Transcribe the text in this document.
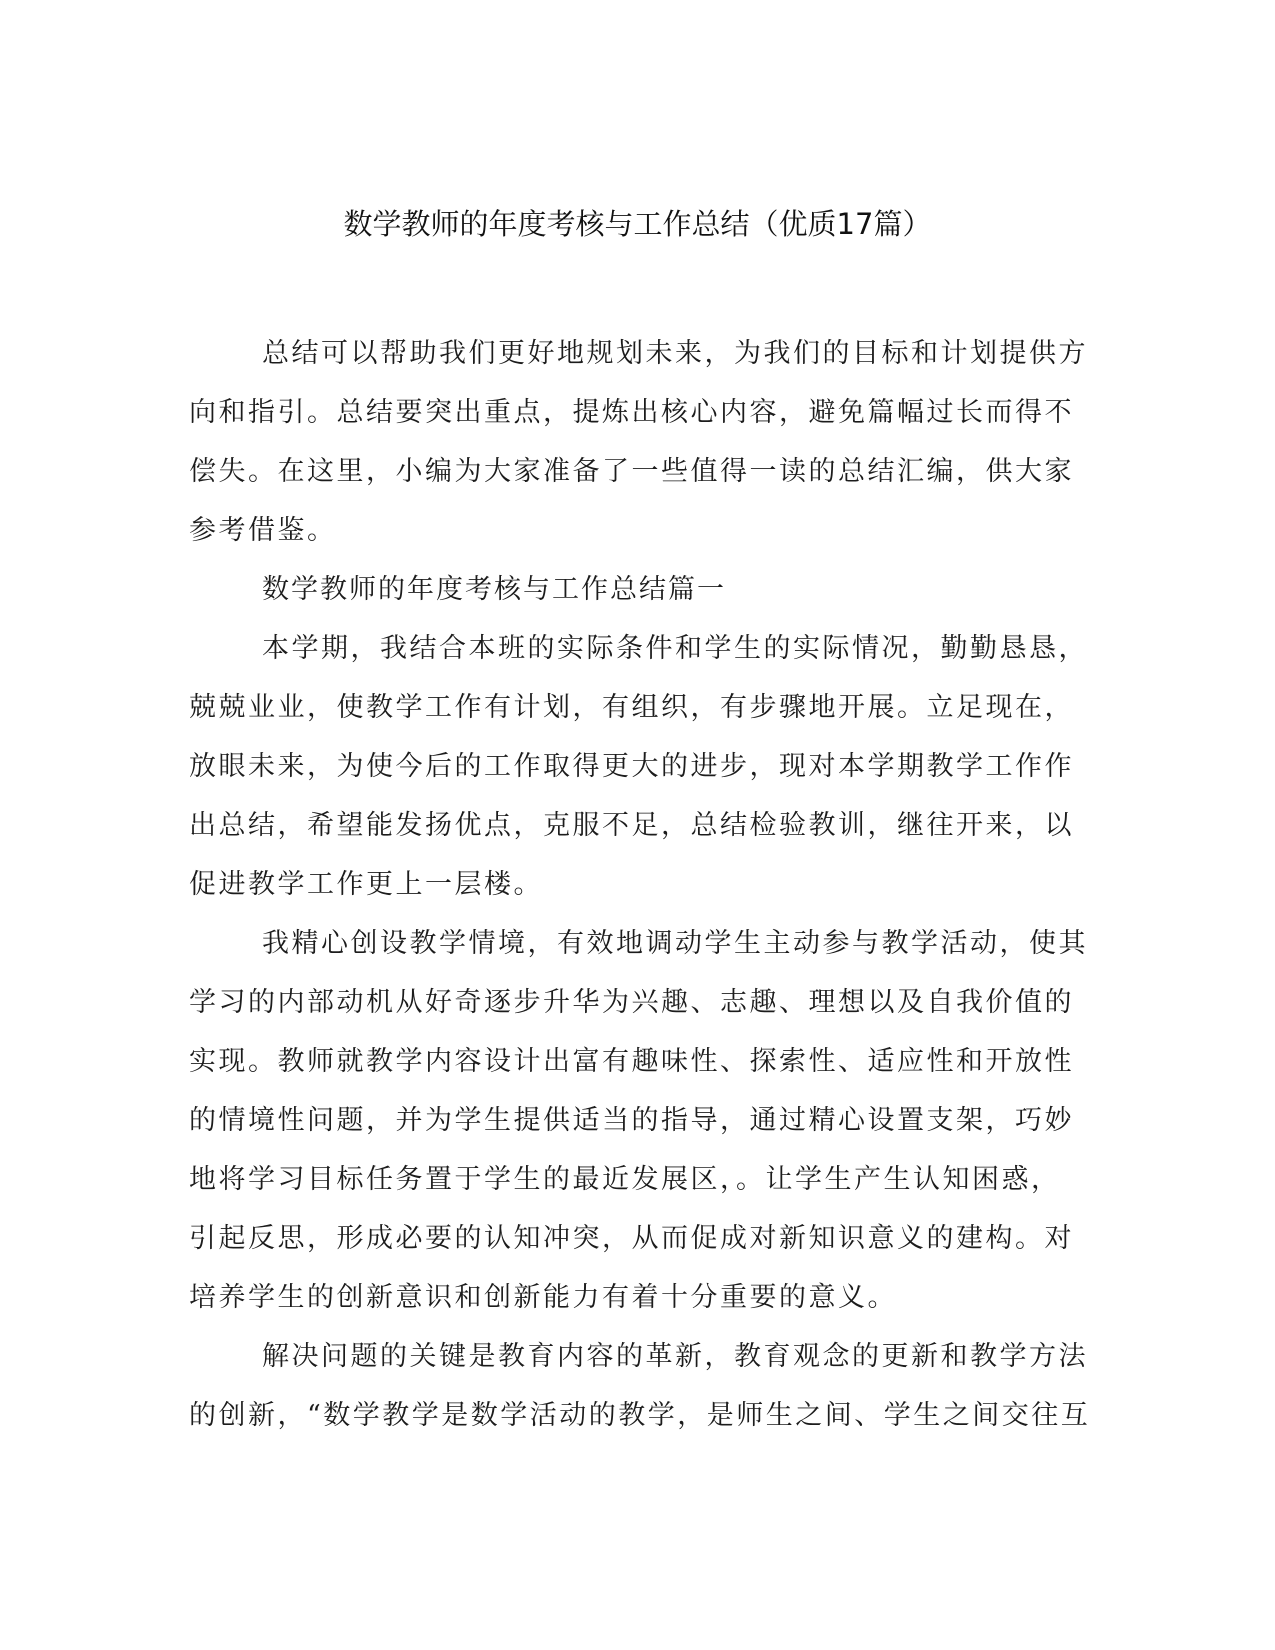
数学教师的年度考核与工作总结（优质17篇）
总结可以帮助我们更好地规划未来，为我们的目标和计划提供方
向和指引。总结要突出重点，提炼出核心内容，避免篇幅过长而得不
偿失。在这里，小编为大家准备了一些值得一读的总结汇编，供大家
参考借鉴。
数学教师的年度考核与工作总结篇一
本学期，我结合本班的实际条件和学生的实际情况，勤勤恳恳，
兢兢业业，使教学工作有计划，有组织，有步骤地开展。立足现在，
放眼未来，为使今后的工作取得更大的进步，现对本学期教学工作作
出总结，希望能发扬优点，克服不足，总结检验教训，继往开来，以
促进教学工作更上一层楼。
我精心创设教学情境，有效地调动学生主动参与教学活动，使其
学习的内部动机从好奇逐步升华为兴趣、志趣、理想以及自我价值的
实现。教师就教学内容设计出富有趣味性、探索性、适应性和开放性
的情境性问题，并为学生提供适当的指导，通过精心设置支架，巧妙
地将学习目标任务置于学生的最近发展区，。让学生产生认知困惑，
引起反思，形成必要的认知冲突，从而促成对新知识意义的建构。对
培养学生的创新意识和创新能力有着十分重要的意义。
解决问题的关键是教育内容的革新，教育观念的更新和教学方法
的创新，“数学教学是数学活动的教学，是师生之间、学生之间交往互
